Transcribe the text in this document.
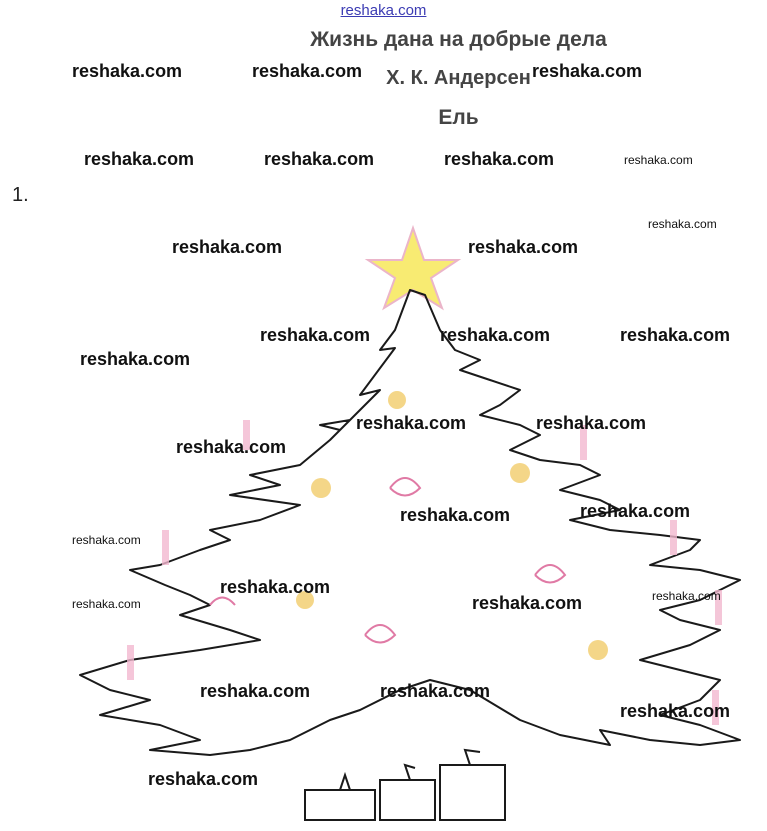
reshaka.com
Жизнь дана на добрые дела
Х. К. Андерсен
Ель
1.
reshaka.com	reshaka.com	reshaka.com
reshaka.com	reshaka.com	reshaka.com	reshaka.com
reshaka.com
reshaka.com	reshaka.com
reshaka.com	reshaka.com	reshaka.com
reshaka.com
reshaka.com	reshaka.com
reshaka.com
reshaka.com	reshaka.com
reshaka.com
reshaka.com
reshaka.com
reshaka.com
reshaka.com
reshaka.com	reshaka.com
reshaka.com
reshaka.com
